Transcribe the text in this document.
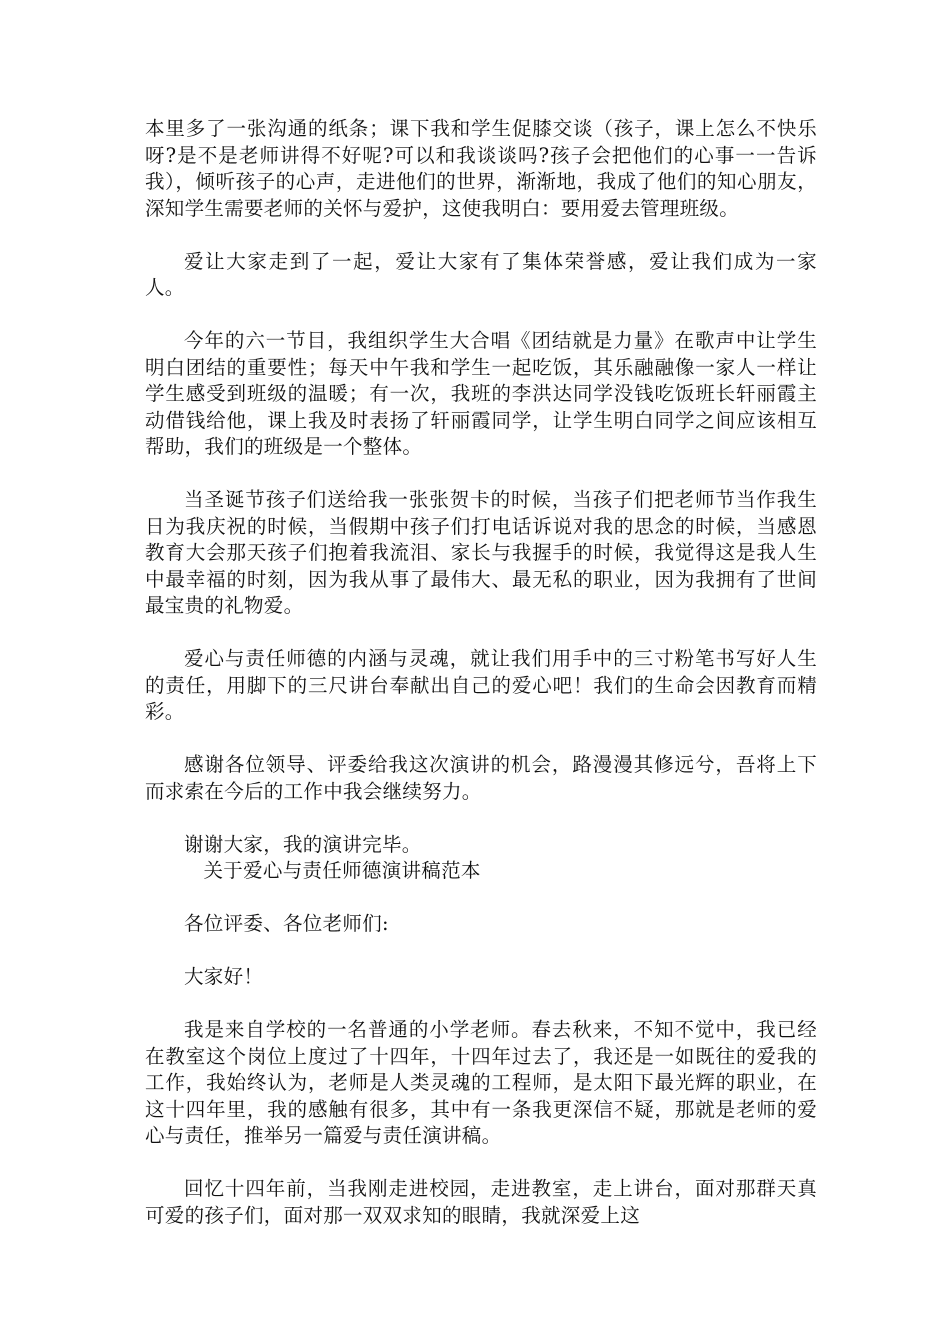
本里多了一张沟通的纸条；课下我和学生促膝交谈（孩子，课上怎么不快乐呀?是不是老师讲得不好呢?可以和我谈谈吗?孩子会把他们的心事一一告诉我），倾听孩子的心声，走进他们的世界，渐渐地，我成了他们的知心朋友，深知学生需要老师的关怀与爱护，这使我明白：要用爱去管理班级。

爱让大家走到了一起，爱让大家有了集体荣誉感，爱让我们成为一家人。

今年的六一节目，我组织学生大合唱《团结就是力量》在歌声中让学生明白团结的重要性；每天中午我和学生一起吃饭，其乐融融像一家人一样让学生感受到班级的温暖；有一次，我班的李洪达同学没钱吃饭班长轩丽霞主动借钱给他，课上我及时表扬了轩丽霞同学，让学生明白同学之间应该相互帮助，我们的班级是一个整体。

当圣诞节孩子们送给我一张张贺卡的时候，当孩子们把老师节当作我生日为我庆祝的时候，当假期中孩子们打电话诉说对我的思念的时候，当感恩教育大会那天孩子们抱着我流泪、家长与我握手的时候，我觉得这是我人生中最幸福的时刻，因为我从事了最伟大、最无私的职业，因为我拥有了世间最宝贵的礼物爱。

爱心与责任师德的内涵与灵魂，就让我们用手中的三寸粉笔书写好人生的责任，用脚下的三尺讲台奉献出自己的爱心吧！我们的生命会因教育而精彩。

感谢各位领导、评委给我这次演讲的机会，路漫漫其修远兮，吾将上下而求索在今后的工作中我会继续努力。

谢谢大家，我的演讲完毕。

关于爱心与责任师德演讲稿范本

各位评委、各位老师们:

大家好！

我是来自学校的一名普通的小学老师。春去秋来，不知不觉中，我已经在教室这个岗位上度过了十四年，十四年过去了，我还是一如既往的爱我的工作，我始终认为，老师是人类灵魂的工程师，是太阳下最光辉的职业，在这十四年里，我的感触有很多，其中有一条我更深信不疑，那就是老师的爱心与责任，推举另一篇爱与责任演讲稿。

回忆十四年前，当我刚走进校园，走进教室，走上讲台，面对那群天真可爱的孩子们，面对那一双双求知的眼睛，我就深爱上这
